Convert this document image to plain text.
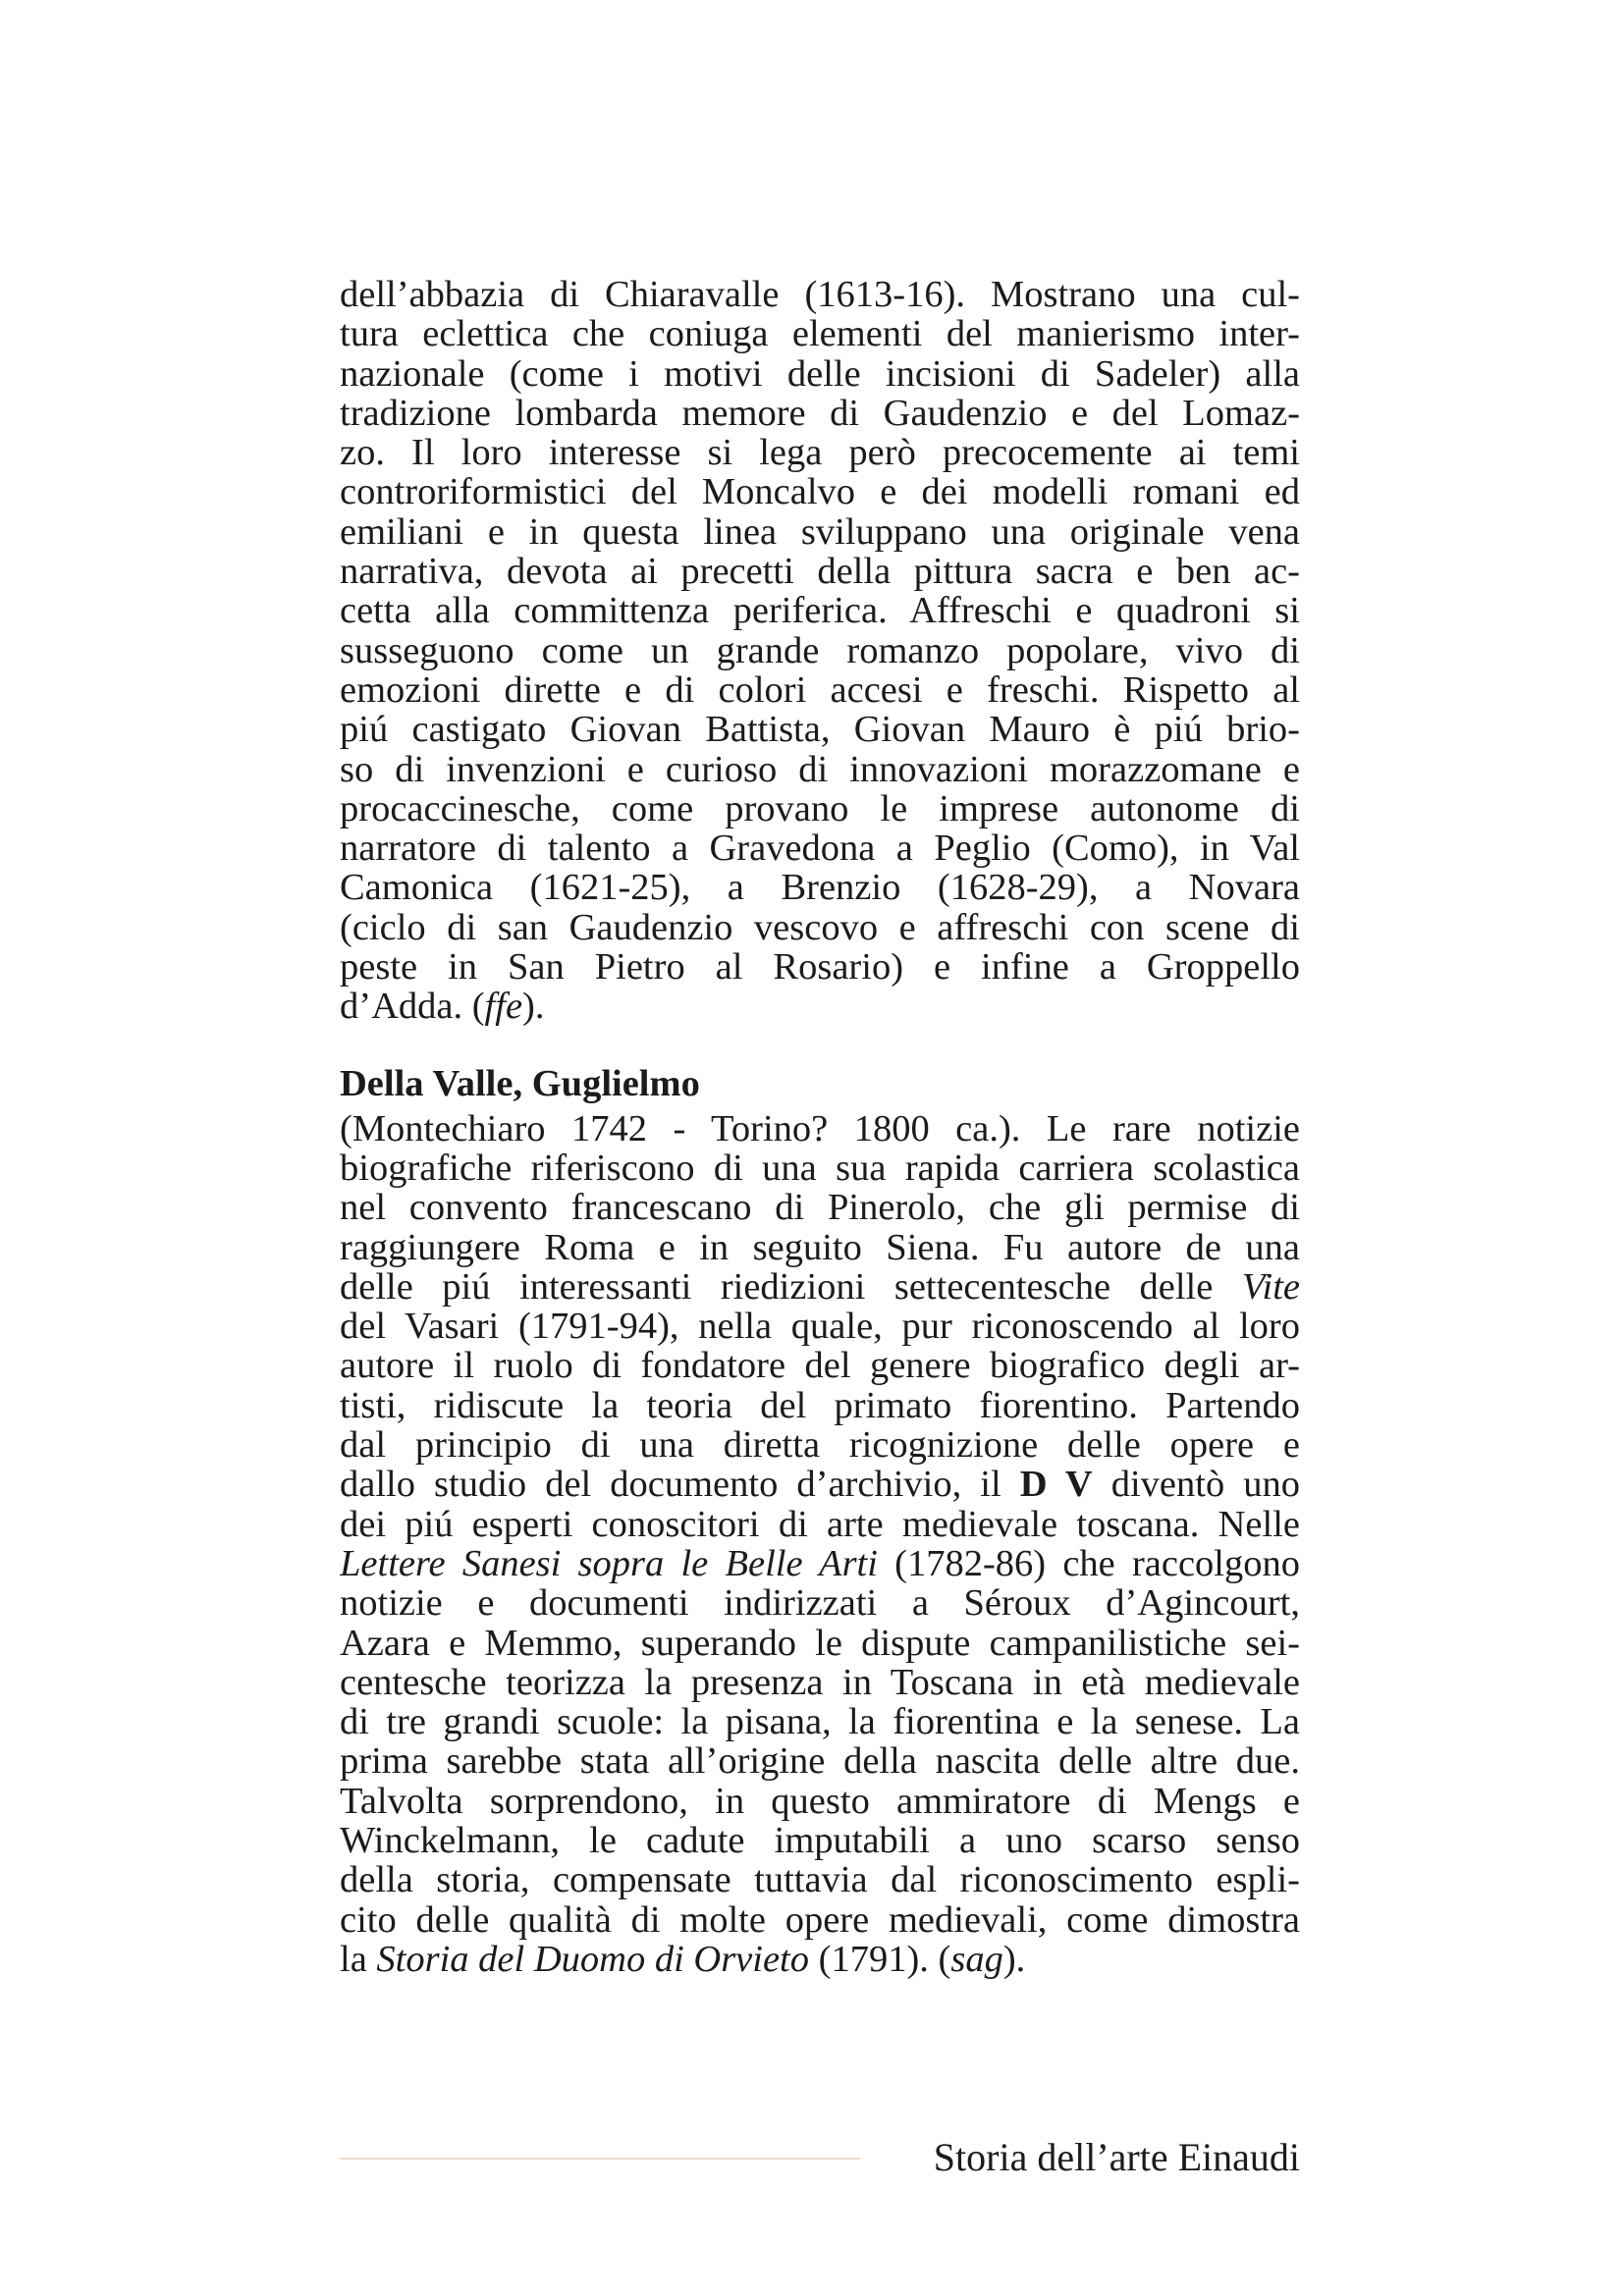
dell’abbazia di Chiaravalle (1613-16). Mostrano una cul-
tura eclettica che coniuga elementi del manierismo inter-
nazionale (come i motivi delle incisioni di Sadeler) alla
tradizione lombarda memore di Gaudenzio e del Lomaz-
zo. Il loro interesse si lega però precocemente ai temi
controriformistici del Moncalvo e dei modelli romani ed
emiliani e in questa linea sviluppano una originale vena
narrativa, devota ai precetti della pittura sacra e ben ac-
cetta alla committenza periferica. Affreschi e quadroni si
susseguono come un grande romanzo popolare, vivo di
emozioni dirette e di colori accesi e freschi. Rispetto al
piú castigato Giovan Battista, Giovan Mauro è piú brio-
so di invenzioni e curioso di innovazioni morazzomane e
procaccinesche, come provano le imprese autonome di
narratore di talento a Gravedona a Peglio (Como), in Val
Camonica (1621-25), a Brenzio (1628-29), a Novara
(ciclo di san Gaudenzio vescovo e affreschi con scene di
peste in San Pietro al Rosario) e infine a Groppello
d’Adda. (ffe).
Della Valle, Guglielmo
(Montechiaro 1742 - Torino? 1800 ca.). Le rare notizie
biografiche riferiscono di una sua rapida carriera scolastica
nel convento francescano di Pinerolo, che gli permise di
raggiungere Roma e in seguito Siena. Fu autore de una
delle piú interessanti riedizioni settecentesche delle Vite
del Vasari (1791-94), nella quale, pur riconoscendo al loro
autore il ruolo di fondatore del genere biografico degli ar-
tisti, ridiscute la teoria del primato fiorentino. Partendo
dal principio di una diretta ricognizione delle opere e
dallo studio del documento d’archivio, il D V diventò uno
dei piú esperti conoscitori di arte medievale toscana. Nelle
Lettere Sanesi sopra le Belle Arti (1782-86) che raccolgono
notizie e documenti indirizzati a Séroux d’Agincourt,
Azara e Memmo, superando le dispute campanilistiche sei-
centesche teorizza la presenza in Toscana in età medievale
di tre grandi scuole: la pisana, la fiorentina e la senese. La
prima sarebbe stata all’origine della nascita delle altre due.
Talvolta sorprendono, in questo ammiratore di Mengs e
Winckelmann, le cadute imputabili a uno scarso senso
della storia, compensate tuttavia dal riconoscimento espli-
cito delle qualità di molte opere medievali, come dimostra
la Storia del Duomo di Orvieto (1791). (sag).
Storia dell’arte Einaudi
